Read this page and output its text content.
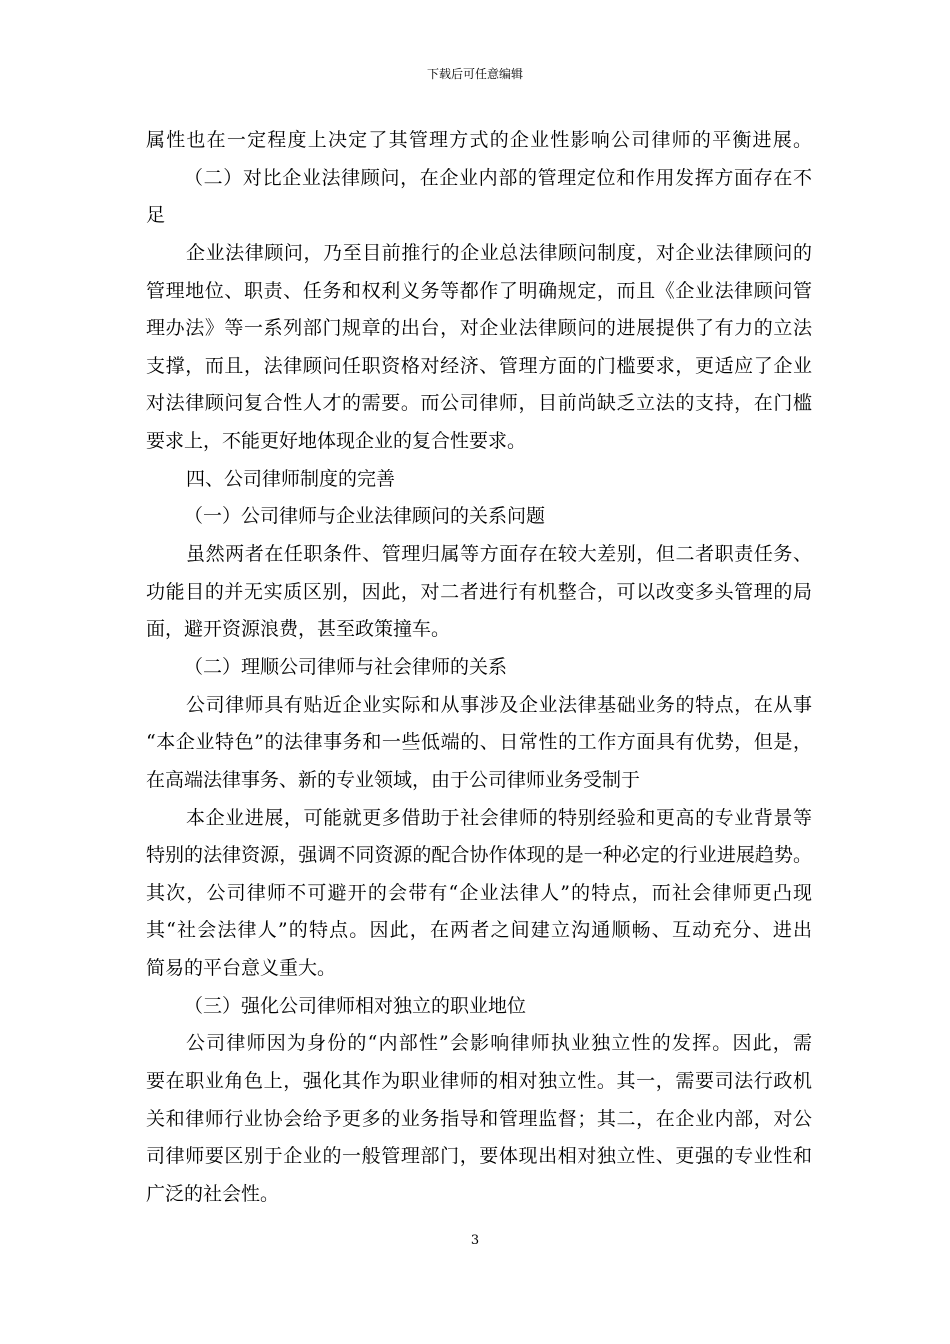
下载后可任意编辑
属性也在一定程度上决定了其管理方式的企业性影响公司律师的平衡进展。
（二）对比企业法律顾问，在企业内部的管理定位和作用发挥方面存在不
足
企业法律顾问，乃至目前推行的企业总法律顾问制度，对企业法律顾问的
管理地位、职责、任务和权利义务等都作了明确规定，而且《企业法律顾问管
理办法》等一系列部门规章的出台，对企业法律顾问的进展提供了有力的立法
支撑，而且，法律顾问任职资格对经济、管理方面的门槛要求，更适应了企业
对法律顾问复合性人才的需要。而公司律师，目前尚缺乏立法的支持，在门槛
要求上，不能更好地体现企业的复合性要求。
四、公司律师制度的完善
（一）公司律师与企业法律顾问的关系问题
虽然两者在任职条件、管理归属等方面存在较大差别，但二者职责任务、
功能目的并无实质区别，因此，对二者进行有机整合，可以改变多头管理的局
面，避开资源浪费，甚至政策撞车。
（二）理顺公司律师与社会律师的关系
公司律师具有贴近企业实际和从事涉及企业法律基础业务的特点，在从事
“本企业特色”的法律事务和一些低端的、日常性的工作方面具有优势，但是，
在高端法律事务、新的专业领域，由于公司律师业务受制于
本企业进展，可能就更多借助于社会律师的特别经验和更高的专业背景等
特别的法律资源，强调不同资源的配合协作体现的是一种必定的行业进展趋势。
其次，公司律师不可避开的会带有“企业法律人”的特点，而社会律师更凸现
其“社会法律人”的特点。因此，在两者之间建立沟通顺畅、互动充分、进出
简易的平台意义重大。
（三）强化公司律师相对独立的职业地位
公司律师因为身份的“内部性”会影响律师执业独立性的发挥。因此，需
要在职业角色上，强化其作为职业律师的相对独立性。其一，需要司法行政机
关和律师行业协会给予更多的业务指导和管理监督；其二，在企业内部，对公
司律师要区别于企业的一般管理部门，要体现出相对独立性、更强的专业性和
广泛的社会性。
3
